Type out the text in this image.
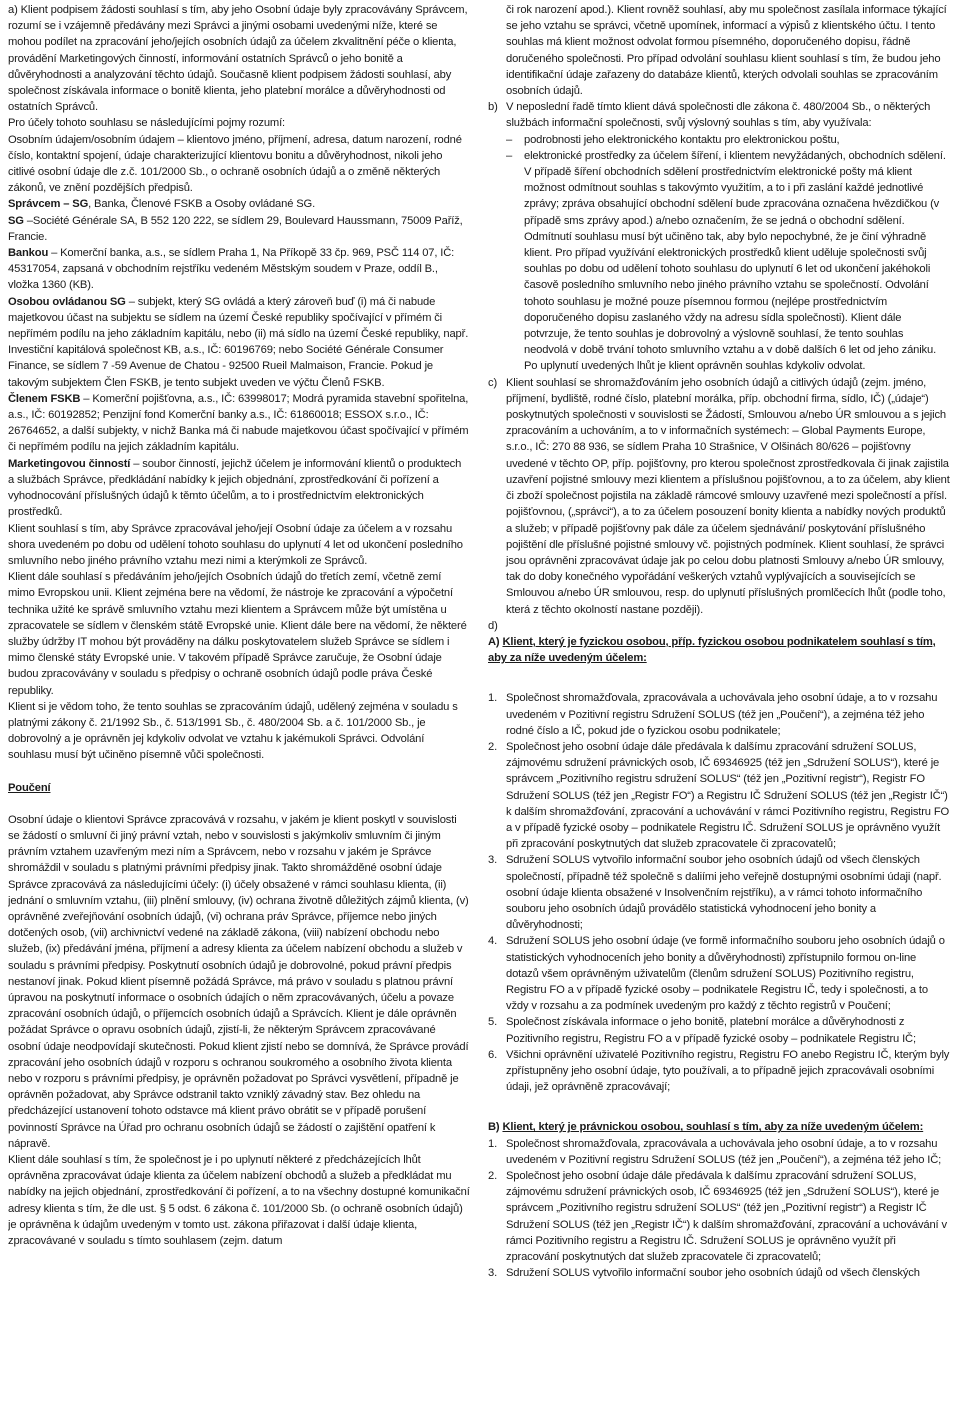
a) Klient podpisem žádosti souhlasí s tím, aby jeho Osobní údaje byly zpracovávány Správcem, rozumí se i vzájemně předávány mezi Správci a jinými osobami uvedenými níže, které se mohou podílet na zpracování jeho/jejích osobních údajů za účelem zkvalitnění péče o klienta, provádění Marketingových činností, informování ostatních Správců o jeho bonitě a důvěryhodnosti a analyzování těchto údajů. Současně klient podpisem žádosti souhlasí, aby společnost získávala informace o bonitě klienta, jeho platební morálce a důvěryhodnosti od ostatních Správců.

Pro účely tohoto souhlasu se následujícími pojmy rozumí:

Osobním údajem/osobním údajem – klientovo jméno, příjmení, adresa, datum narození, rodné číslo, kontaktní spojení, údaje charakterizující klientovu bonitu a důvěryhodnost, nikoli jeho citlivé osobní údaje dle z.č. 101/2000 Sb., o ochraně osobních údajů a o změně některých zákonů, ve znění pozdějších předpisů.

Správcem – SG, Banka, Členové FSKB a Osoby ovládané SG.

SG –Société Générale SA, B 552 120 222, se sídlem 29, Boulevard Haussmann, 75009 Paříž, Francie.

Bankou – Komerční banka, a.s., se sídlem Praha 1, Na Příkopě 33 čp. 969, PSČ 114 07, IČ: 45317054, zapsaná v obchodním rejstříku vedeném Městským soudem v Praze, oddíl B., vložka 1360 (KB).

Osobou ovládanou SG – subjekt, který SG ovládá a který zároveň buď (i) má či nabude majetkovou účast na subjektu se sídlem na území České republiky spočívající v přímém či nepřímém podílu na jeho základním kapitálu, nebo (ii) má sídlo na území České republiky, např. Investiční kapitálová společnost KB, a.s., IČ: 60196769; nebo Société Générale Consumer Finance, se sídlem 7 -59 Avenue de Chatou - 92500 Rueil Malmaison, Francie. Pokud je takovým subjektem Člen FSKB, je tento subjekt uveden ve výčtu Členů FSKB.

Členem FSKB – Komerční pojišťovna, a.s., IČ: 63998017; Modrá pyramida stavební spořitelna, a.s., IČ: 60192852; Penzijní fond Komerční banky a.s., IČ: 61860018; ESSOX s.r.o., IČ: 26764652, a další subjekty, v nichž Banka má či nabude majetkovou účast spočívající v přímém či nepřímém podílu na jejich základním kapitálu.

Marketingovou činností – soubor činností, jejichž účelem je informování klientů o produktech a službách Správce, předkládání nabídky k jejich objednání, zprostředkování či pořízení a vyhodnocování příslušných údajů k těmto účelům, a to i prostřednictvím elektronických prostředků.

Klient souhlasí s tím, aby Správce zpracovával jeho/její Osobní údaje za účelem a v rozsahu shora uvedeném po dobu od udělení tohoto souhlasu do uplynutí 4 let od ukončení posledního smluvního nebo jiného právního vztahu mezi nimi a kterýmkoli ze Správců.

Klient dále souhlasí s předáváním jeho/jejích Osobních údajů do třetích zemí, včetně zemí mimo Evropskou unii. Klient zejména bere na vědomí, že nástroje ke zpracování a výpočetní technika užité ke správě smluvního vztahu mezi klientem a Správcem může být umístěna u zpracovatele se sídlem v členském státě Evropské unie. Klient dále bere na vědomí, že některé služby údržby IT mohou být prováděny na dálku poskytovatelem služeb Správce se sídlem i mimo členské státy Evropské unie. V takovém případě Správce zaručuje, že Osobní údaje budou zpracovávány v souladu s předpisy o ochraně osobních údajů podle práva České republiky.

Klient si je vědom toho, že tento souhlas se zpracováním údajů, udělený zejména v souladu s platnými zákony č. 21/1992 Sb., č. 513/1991 Sb., č. 480/2004 Sb. a č. 101/2000 Sb., je dobrovolný a je oprávněn jej kdykoliv odvolat ve vztahu k jakémukoli Správci. Odvolání souhlasu musí být učiněno písemně vůči společnosti.

Poučení

Osobní údaje o klientovi Správce zpracovává v rozsahu, v jakém je klient poskytl v souvislosti se žádostí o smluvní či jiný právní vztah, nebo v souvislosti s jakýmkoliv smluvním či jiným právním vztahem uzavřeným mezi ním a Správcem, nebo v rozsahu v jakém je Správce shromáždil v souladu s platnými právními předpisy jinak. Takto shromážděné osobní údaje Správce zpracovává za následujícími účely: (i) účely obsažené v rámci souhlasu klienta, (ii) jednání o smluvním vztahu, (iii) plnění smlouvy, (iv) ochrana životně důležitých zájmů klienta, (v) oprávněné zveřejňování osobních údajů, (vi) ochrana práv Správce, příjemce nebo jiných dotčených osob, (vii) archivnictví vedené na základě zákona, (viii) nabízení obchodu nebo služeb, (ix) předávání jména, příjmení a adresy klienta za účelem nabízení obchodu a služeb v souladu s právními předpisy. Poskytnutí osobních údajů je dobrovolné, pokud právní předpis nestanoví jinak. Pokud klient písemně požádá Správce, má právo v souladu s platnou právní úpravou na poskytnutí informace o osobních údajích o něm zpracovávaných, účelu a povaze zpracování osobních údajů, o příjemcích osobních údajů a Správcích. Klient je dále oprávněn požádat Správce o opravu osobních údajů, zjistí-li, že některým Správcem zpracovávané osobní údaje neodpovídají skutečnosti. Pokud klient zjistí nebo se domnívá, že Správce provádí zpracování jeho osobních údajů v rozporu s ochranou soukromého a osobního života klienta nebo v rozporu s právními předpisy, je oprávněn požadovat po Správci vysvětlení, případně je oprávněn požadovat, aby Správce odstranil takto vzniklý závadný stav. Bez ohledu na předcházející ustanovení tohoto odstavce má klient právo obrátit se v případě porušení povinností Správce na Úřad pro ochranu osobních údajů se žádostí o zajištění opatření k nápravě.

Klient dále souhlasí s tím, že společnost je i po uplynutí některé z předcházejících lhůt oprávněna zpracovávat údaje klienta za účelem nabízení obchodů a služeb a předkládat mu nabídky na jejich objednání, zprostředkování či pořízení, a to na všechny dostupné komunikační adresy klienta s tím, že dle ust. § 5 odst. 6 zákona č. 101/2000 Sb. (o ochraně osobních údajů) je oprávněna k údajům uvedeným v tomto ust. zákona přiřazovat i další údaje klienta, zpracovávané v souladu s tímto souhlasem (zejm. datum

či rok narození apod.). Klient rovněž souhlasí, aby mu společnost zasílala informace týkající se jeho vztahu se správci, včetně upomínek, informací a výpisů z klientského účtu. I tento souhlas má klient možnost odvolat formou písemného, doporučeného dopisu, řádně doručeného společnosti. Pro případ odvolání souhlasu klient souhlasí s tím, že budou jeho identifikační údaje zařazeny do databáze klientů, kterých odvolali souhlas se zpracováním osobních údajů.

b) V neposlední řadě tímto klient dává společnosti dle zákona č. 480/2004 Sb., o některých službách informační společnosti, svůj výslovný souhlas s tím, aby využívala:
–	podrobnosti jeho elektronického kontaktu pro elektronickou poštu,
–	elektronické prostředky za účelem šíření, i klientem nevyžádaných, obchodních sdělení. V případě šíření obchodních sdělení prostřednictvím elektronické pošty má klient možnost odmítnout souhlas s takovýmto využitím, a to i při zaslání každé jednotlivé zprávy; zpráva obsahující obchodní sdělení bude zpracována označena hvězdičkou (v případě sms zprávy apod.) a/nebo označením, že se jedná o obchodní sdělení. Odmítnutí souhlasu musí být učiněno tak, aby bylo nepochybné, že je činí výhradně klient. Pro případ využívání elektronických prostředků klient uděluje společnosti svůj souhlas po dobu od udělení tohoto souhlasu do uplynutí 6 let od ukončení jakéhokoli časově posledního smluvního nebo jiného právního vztahu se společností. Odvolání tohoto souhlasu je možné pouze písemnou formou (nejlépe prostřednictvím doporučeného dopisu zaslaného vždy na adresu sídla společnosti). Klient dále potvrzuje, že tento souhlas je dobrovolný a výslovně souhlasí, že tento souhlas neodvolá v době trvání tohoto smluvního vztahu a v době dalších 6 let od jeho zániku. Po uplynutí uvedených lhůt je klient oprávněn souhlas kdykoliv odvolat.
c) Klient souhlasí se shromažďováním jeho osobních údajů a citlivých údajů (zejm. jméno, příjmení, bydliště, rodné číslo, platební morálka, příp. obchodní firma, sídlo, IČ) („údaje“) poskytnutých společnosti v souvislosti se Žádostí, Smlouvou a/nebo ÚR smlouvou a s jejich zpracováním a uchováním, a to v informačních systémech: – Global Payments Europe, s.r.o., IČ: 270 88 936, se sídlem Praha 10 Strašnice, V Olšinách 80/626 – pojišťovny uvedené v těchto OP, příp. pojišťovny, pro kterou společnost zprostředkovala či jinak zajistila uzavření pojistné smlouvy mezi klientem a příslušnou pojišťovnou, a to za účelem, aby klient či zboží společnost pojistila na základě rámcové smlouvy uzavřené mezi společností a přísl. pojišťovnou, („správci“), a to za účelem posouzení bonity klienta a nabídky nových produktů a služeb; v případě pojišťovny pak dále za účelem sjednávání/ poskytování příslušného pojištění dle příslušné pojistné smlouvy vč. pojistných podmínek. Klient souhlasí, že správci jsou oprávněni zpracovávat údaje jak po celou dobu platnosti Smlouvy a/nebo ÚR smlouvy, tak do doby konečného vypořádání veškerých vztahů vyplývajících a souvisejících se Smlouvou a/nebo ÚR smlouvou, resp. do uplynutí příslušných promlčecích lhůt (podle toho, která z těchto okolností nastane později).
d)

A) Klient, který je fyzickou osobou, příp. fyzickou osobou podnikatelem souhlasí s tím, aby za níže uvedeným účelem:

1. Společnost shromažďovala, zpracovávala a uchovávala jeho osobní údaje, a to v rozsahu uvedeném v Pozitivní registru Sdružení SOLUS (též jen „Poučení“), a zejména též jeho rodné číslo a IČ, pokud jde o fyzickou osobu podnikatele;
2. Společnost jeho osobní údaje dále předávala k dalšímu zpracování sdružení SOLUS, zájmovému sdružení právnických osob, IČ 69346925 (též jen „Sdružení SOLUS“), které je správcem „Pozitivního registru sdružení SOLUS“ (též jen „Pozitivní registr“), Registr FO Sdružení SOLUS (též jen „Registr FO“) a Registru IČ Sdružení SOLUS (též jen „Registr IČ“) k dalším shromažďování, zpracování a uchovávání v rámci Pozitivního registru, Registru FO a v případě fyzické osoby – podnikatele Registru IČ. Sdružení SOLUS je oprávněno využít při zpracování poskytnutých dat služeb zpracovatele či zpracovatelů;
3. Sdružení SOLUS vytvořilo informační soubor jeho osobních údajů od všech členských společností, případně též společně s daliími jeho veřejně dostupnými osobními údaji (např. osobní údaje klienta obsažené v Insolvenčním rejstříku), a v rámci tohoto informačního souboru jeho osobních údajů provádělo statistická vyhodnocení jeho bonity a důvěryhodnosti;
4. Sdružení SOLUS jeho osobní údaje (ve formě informačního souboru jeho osobních údajů o statistických vyhodnoceních jeho bonity a důvěryhodnosti) zpřístupnilo formou on-line dotazů všem oprávněným uživatelům (členům sdružení SOLUS) Pozitivního registru, Registru FO a v případě fyzické osoby – podnikatele Registru IČ, tedy i společnosti, a to vždy v rozsahu a za podmínek uvedeným pro každý z těchto registrů v Poučení;
5. Společnost získávala informace o jeho bonitě, platební morálce a důvěryhodnosti z Pozitivního registru, Registru FO a v případě fyzické osoby – podnikatele Registru IČ;
6. Všichni oprávnění uživatelé Pozitivního registru, Registru FO anebo Registru IČ, kterým byly zpřístupněny jeho osobní údaje, tyto používali, a to případně jejich zpracovávali osobními údaji, jež oprávněně zpracovávají;

B) Klient, který je právnickou osobou, souhlasí s tím, aby za níže uvedeným účelem:

1. Společnost shromažďovala, zpracovávala a uchovávala jeho osobní údaje, a to v rozsahu uvedeném v Pozitivní registru Sdružení SOLUS (též jen „Poučení“), a zejména též jeho IČ;
2. Společnost jeho osobní údaje dále předávala k dalšímu zpracování sdružení SOLUS, zájmovému sdružení právnických osob, IČ 69346925 (též jen „Sdružení SOLUS“), které je správcem „Pozitivního registru sdružení SOLUS“ (též jen „Pozitivní registr“) a Registr IČ Sdružení SOLUS (též jen „Registr IČ“) k dalším shromažďování, zpracování a uchovávání v rámci Pozitivního registru a Registru IČ. Sdružení SOLUS je oprávněno využít při zpracování poskytnutých dat služeb zpracovatele či zpracovatelů;
3. Sdružení SOLUS vytvořilo informační soubor jeho osobních údajů od všech členských
